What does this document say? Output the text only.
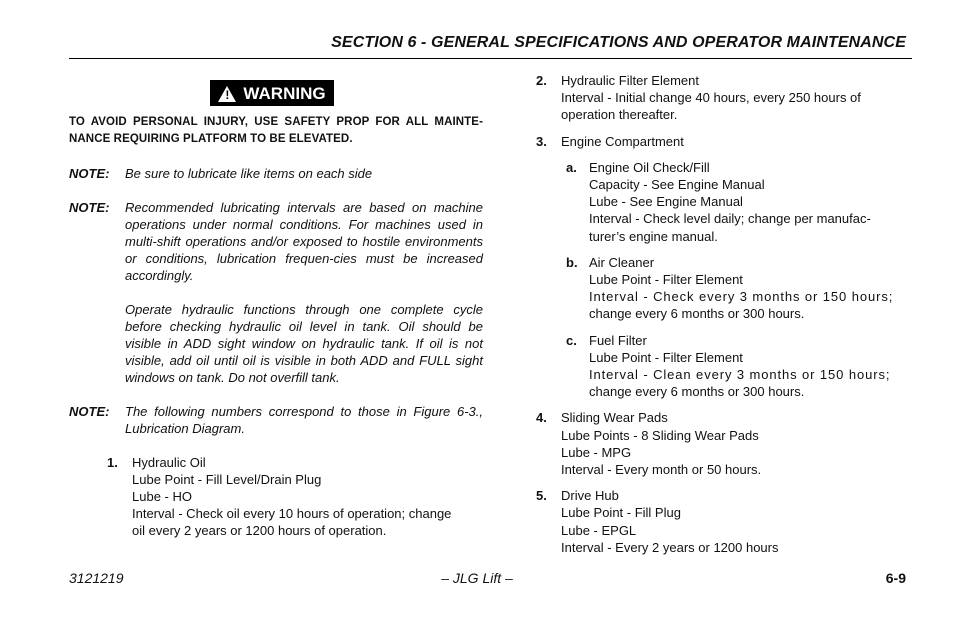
SECTION 6 - GENERAL SPECIFICATIONS AND OPERATOR MAINTENANCE
! WARNING
TO AVOID PERSONAL INJURY, USE SAFETY PROP FOR ALL MAINTE-NANCE REQUIRING PLATFORM TO BE ELEVATED.
NOTE:	Be sure to lubricate like items on each side

NOTE:	Recommended lubricating intervals are based on machine operations under normal conditions. For machines used in multi-shift operations and/or exposed to hostile environments or conditions, lubrication frequen-cies must be increased accordingly.

Operate hydraulic functions through one complete cycle before checking hydraulic oil level in tank. Oil should be visible in ADD sight window on hydraulic tank. If oil is not visible, add oil until oil is visible in both ADD and FULL sight windows on tank. Do not overfill tank.

NOTE:	The following numbers correspond to those in Figure 6-3., Lubrication Diagram.

1.	Hydraulic Oil
Lube Point - Fill Level/Drain Plug
Lube - HO
Interval - Check oil every 10 hours of operation; change
oil every 2 years or 1200 hours of operation.
2.	Hydraulic Filter Element
Interval - Initial change 40 hours, every 250 hours of
operation thereafter.
3.	Engine Compartment
a. Engine Oil Check/Fill
Capacity - See Engine Manual
Lube - See Engine Manual
Interval - Check level daily; change per manufac-
turer’s engine manual.
b. Air Cleaner
Lube Point - Filter Element
Interval - Check every 3 months or 150 hours;
change every 6 months or 300 hours.
c. Fuel Filter
Lube Point - Filter Element
Interval - Clean every 3 months or 150 hours;
change every 6 months or 300 hours.
4.	Sliding Wear Pads
Lube Points - 8 Sliding Wear Pads
Lube - MPG
Interval - Every month or 50 hours.
5.	Drive Hub
Lube Point - Fill Plug
Lube - EPGL
Interval - Every 2 years or 1200 hours
3121219	– JLG Lift –	6-9
